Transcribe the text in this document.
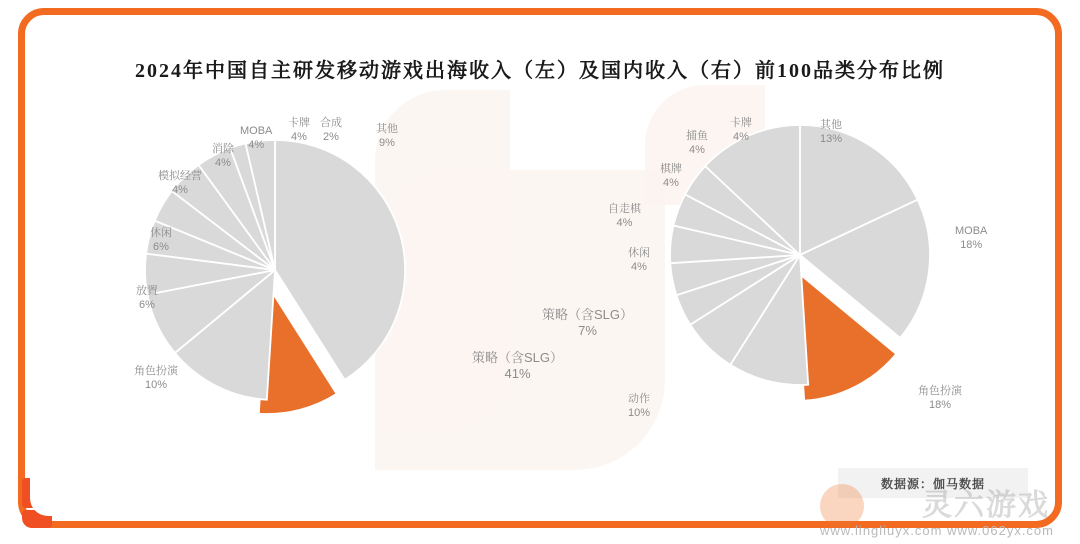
2024年中国自主研发移动游戏出海收入（左）及国内收入（右）前100品类分布比例
MOBA
4%
卡牌
4%
合成
2%
其他
9%
消除
4%
模拟经营
4%
休闲
6%
放置
6%
角色扮演
10%
策略（含SLG）
41%
射击
10%
捕鱼
4%
卡牌
4%
其他
13%
棋牌
4%
自走棋
4%
休闲
4%
MOBA
18%
策略（含SLG）
7%
角色扮演
18%
动作
10%
射击
13%
数据源：伽马数据
灵六游戏
www.lingliuyx.com www.062yx.com
